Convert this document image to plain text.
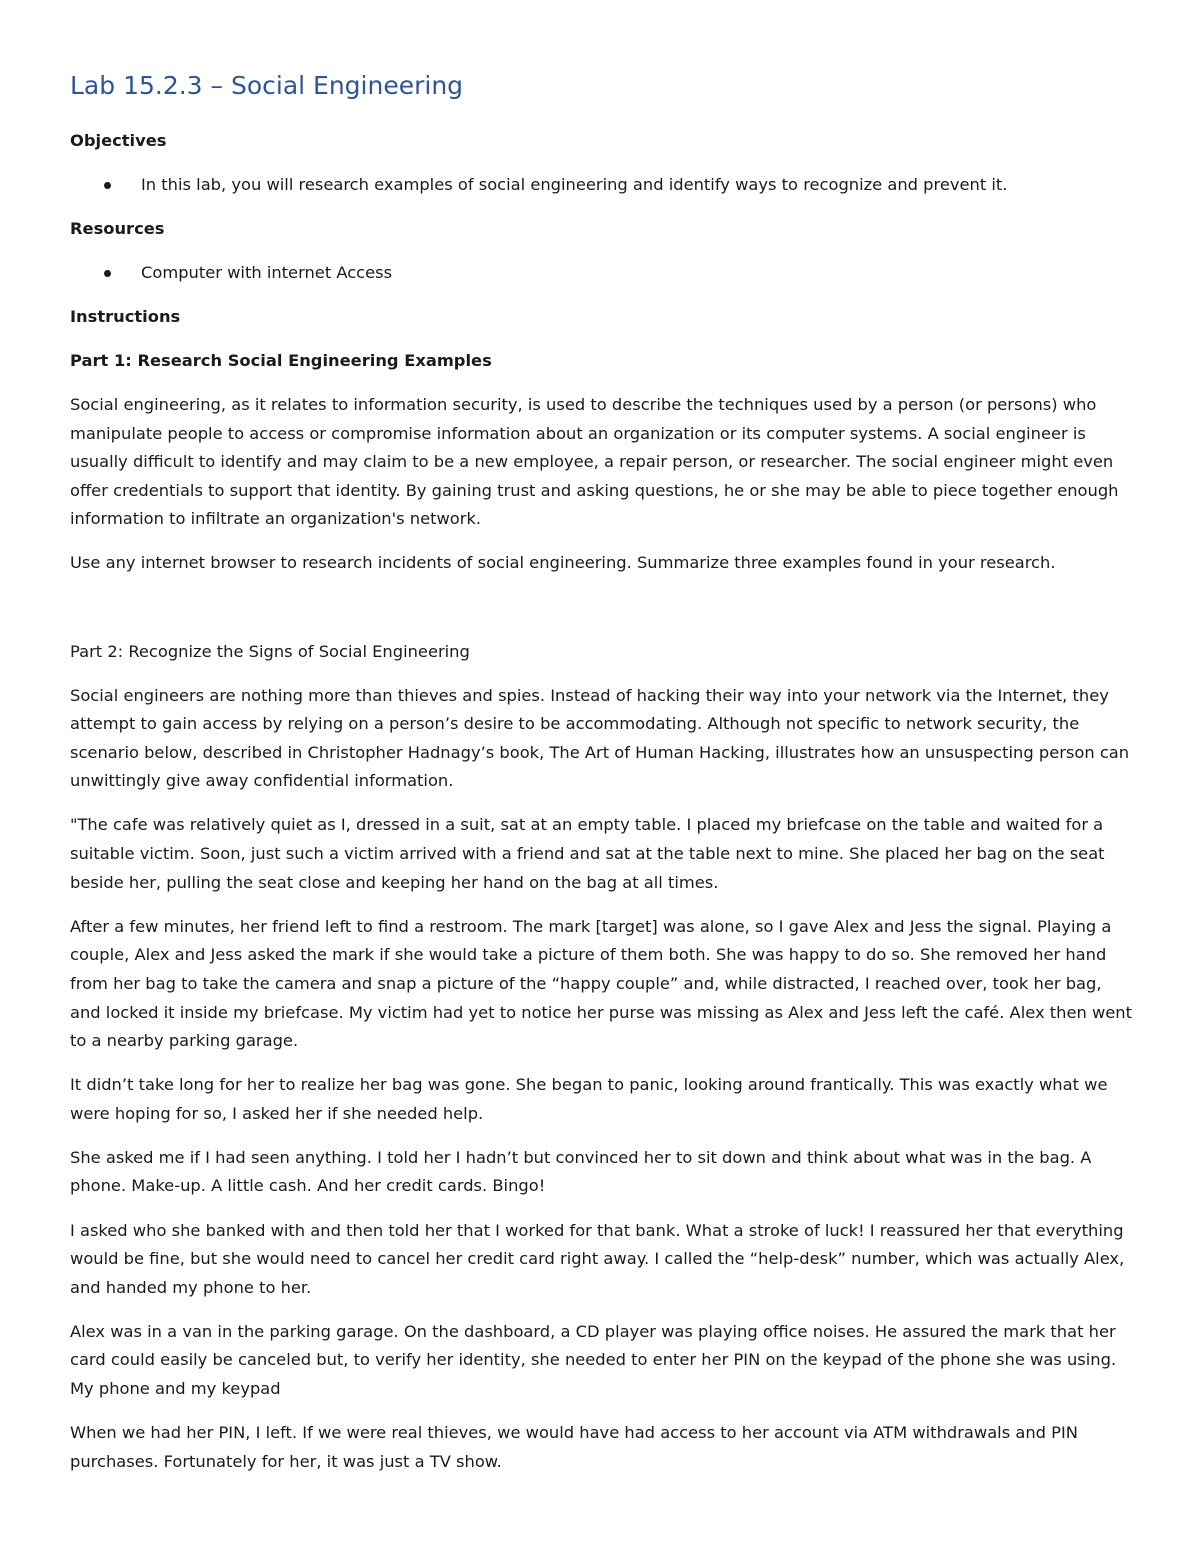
Lab 15.2.3 – Social Engineering
Objectives
In this lab, you will research examples of social engineering and identify ways to recognize and prevent it.
Resources
Computer with internet Access
Instructions
Part 1: Research Social Engineering Examples

Social engineering, as it relates to information security, is used to describe the techniques used by a person (or persons) who manipulate people to access or compromise information about an organization or its computer systems. A social engineer is usually difficult to identify and may claim to be a new employee, a repair person, or researcher. The social engineer might even offer credentials to support that identity. By gaining trust and asking questions, he or she may be able to piece together enough information to infiltrate an organization's network.

Use any internet browser to research incidents of social engineering. Summarize three examples found in your research.

Part 2: Recognize the Signs of Social Engineering

Social engineers are nothing more than thieves and spies. Instead of hacking their way into your network via the Internet, they attempt to gain access by relying on a person’s desire to be accommodating. Although not specific to network security, the scenario below, described in Christopher Hadnagy’s book, The Art of Human Hacking, illustrates how an unsuspecting person can unwittingly give away confidential information.

"The cafe was relatively quiet as I, dressed in a suit, sat at an empty table. I placed my briefcase on the table and waited for a suitable victim. Soon, just such a victim arrived with a friend and sat at the table next to mine. She placed her bag on the seat beside her, pulling the seat close and keeping her hand on the bag at all times.

After a few minutes, her friend left to find a restroom. The mark [target] was alone, so I gave Alex and Jess the signal. Playing a couple, Alex and Jess asked the mark if she would take a picture of them both. She was happy to do so. She removed her hand from her bag to take the camera and snap a picture of the “happy couple” and, while distracted, I reached over, took her bag, and locked it inside my briefcase. My victim had yet to notice her purse was missing as Alex and Jess left the café. Alex then went to a nearby parking garage.

It didn’t take long for her to realize her bag was gone. She began to panic, looking around frantically. This was exactly what we were hoping for so, I asked her if she needed help.

She asked me if I had seen anything. I told her I hadn’t but convinced her to sit down and think about what was in the bag. A phone. Make-up. A little cash. And her credit cards. Bingo!

I asked who she banked with and then told her that I worked for that bank. What a stroke of luck! I reassured her that everything would be fine, but she would need to cancel her credit card right away. I called the “help-desk” number, which was actually Alex, and handed my phone to her.

Alex was in a van in the parking garage. On the dashboard, a CD player was playing office noises. He assured the mark that her card could easily be canceled but, to verify her identity, she needed to enter her PIN on the keypad of the phone she was using. My phone and my keypad

When we had her PIN, I left. If we were real thieves, we would have had access to her account via ATM withdrawals and PIN purchases. Fortunately for her, it was just a TV show.
